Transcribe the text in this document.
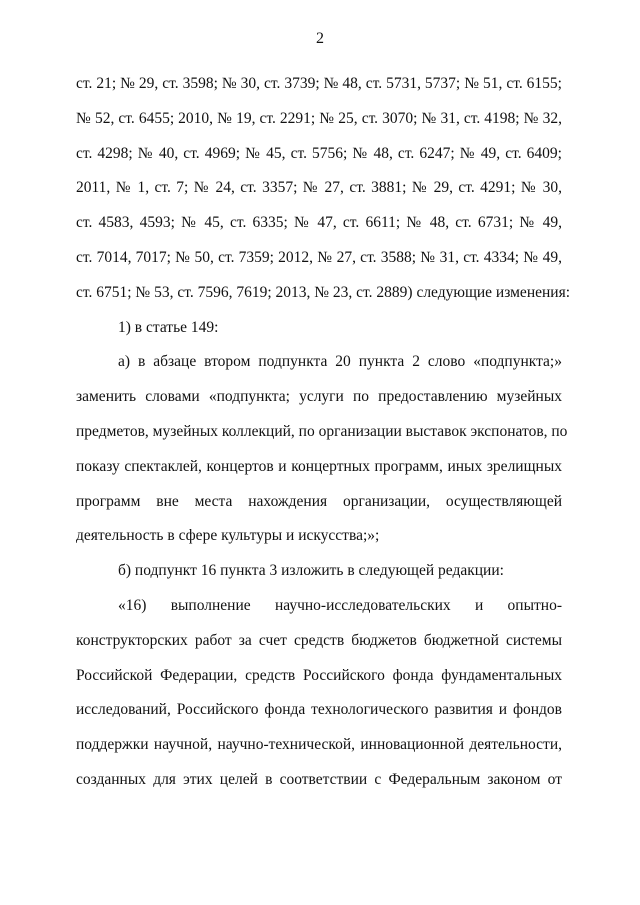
2
ст. 21; № 29, ст. 3598; № 30, ст. 3739; № 48, ст. 5731, 5737; № 51, ст. 6155;
№ 52, ст. 6455; 2010, № 19, ст. 2291; № 25, ст. 3070; № 31, ст. 4198; № 32,
ст. 4298; № 40, ст. 4969; № 45, ст. 5756; № 48, ст. 6247; № 49, ст. 6409;
2011, № 1, ст. 7; № 24, ст. 3357; № 27, ст. 3881; № 29, ст. 4291; № 30,
ст. 4583, 4593; № 45, ст. 6335; № 47, ст. 6611; № 48, ст. 6731; № 49,
ст. 7014, 7017; № 50, ст. 7359; 2012, № 27, ст. 3588; № 31, ст. 4334; № 49,
ст. 6751; № 53, ст. 7596, 7619; 2013, № 23, ст. 2889) следующие изменения:
1) в статье 149:
а) в абзаце втором подпункта 20 пункта 2 слово «подпункта;»
заменить словами «подпункта; услуги по предоставлению музейных
предметов, музейных коллекций, по организации выставок экспонатов, по
показу спектаклей, концертов и концертных программ, иных зрелищных
программ вне места нахождения организации, осуществляющей
деятельность в сфере культуры и искусства;»;
б) подпункт 16 пункта 3 изложить в следующей редакции:
«16) выполнение научно-исследовательских и опытно-
конструкторских работ за счет средств бюджетов бюджетной системы
Российской Федерации, средств Российского фонда фундаментальных
исследований, Российского фонда технологического развития и фондов
поддержки научной, научно-технической, инновационной деятельности,
созданных для этих целей в соответствии с Федеральным законом от
